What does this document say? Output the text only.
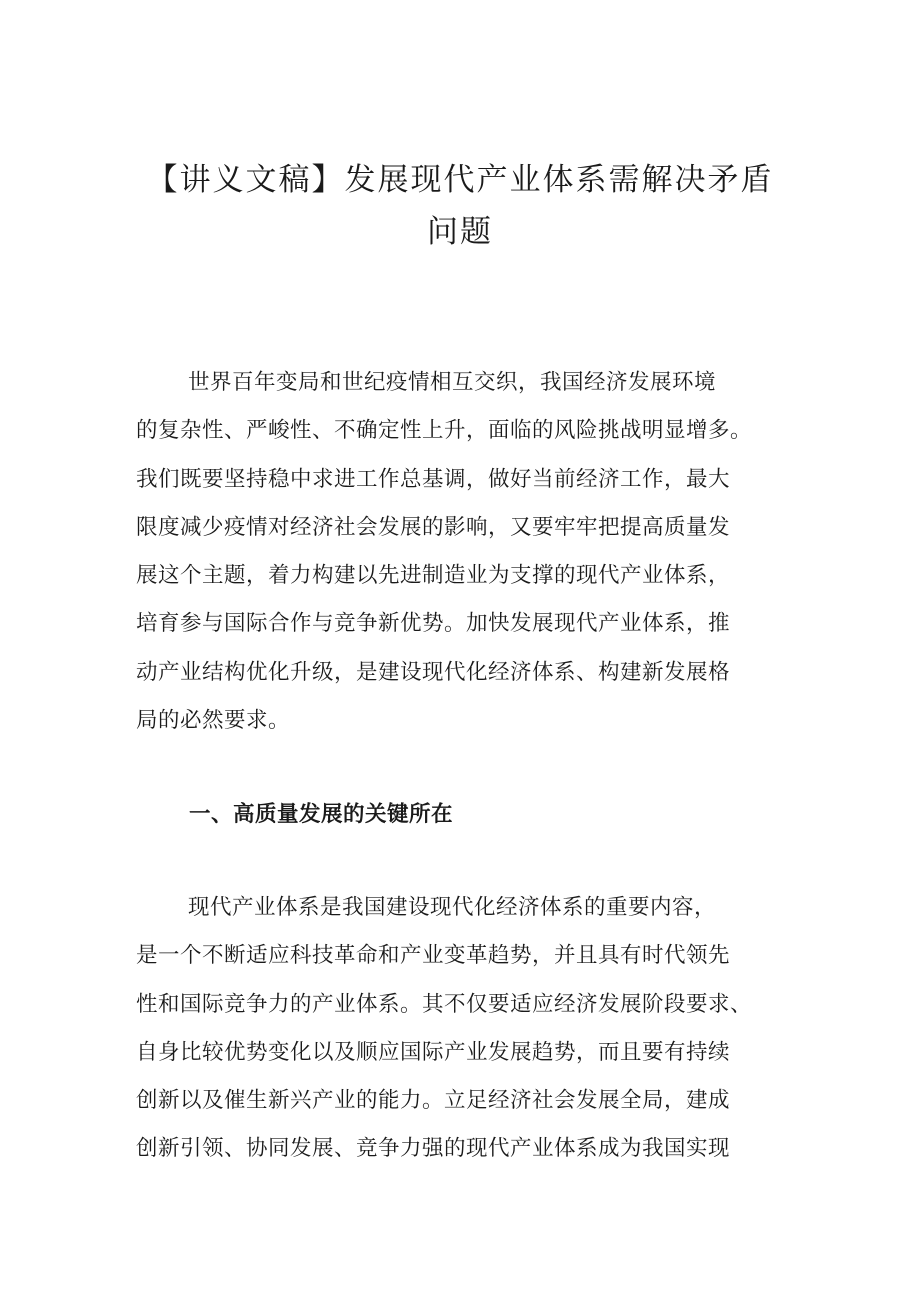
【讲义文稿】发展现代产业体系需解决矛盾
问题

世界百年变局和世纪疫情相互交织，我国经济发展环境
的复杂性、严峻性、不确定性上升，面临的风险挑战明显增多。
我们既要坚持稳中求进工作总基调，做好当前经济工作，最大
限度减少疫情对经济社会发展的影响，又要牢牢把提高质量发
展这个主题，着力构建以先进制造业为支撑的现代产业体系，
培育参与国际合作与竞争新优势。加快发展现代产业体系，推
动产业结构优化升级，是建设现代化经济体系、构建新发展格
局的必然要求。

一、高质量发展的关键所在

现代产业体系是我国建设现代化经济体系的重要内容，
是一个不断适应科技革命和产业变革趋势，并且具有时代领先
性和国际竞争力的产业体系。其不仅要适应经济发展阶段要求、
自身比较优势变化以及顺应国际产业发展趋势，而且要有持续
创新以及催生新兴产业的能力。立足经济社会发展全局，建成
创新引领、协同发展、竞争力强的现代产业体系成为我国实现
